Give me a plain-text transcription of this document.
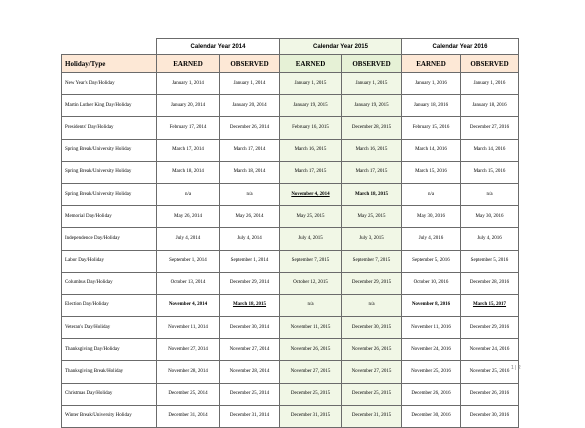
	Calendar Year 2014		Calendar Year 2015		Calendar Year 2016	
Holiday/Type	EARNED	OBSERVED	EARNED	OBSERVED	EARNED	OBSERVED
New Year's Day/Holiday	January 1, 2014	January 1, 2014	January 1, 2015	January 1, 2015	January 1, 2016	January 1, 2016
Martin Luther King Day/Holiday	January 20, 2014	January 20, 2014	January 19, 2015	January 19, 2015	January 18, 2016	January 18, 2016
Presidents' Day/Holiday	February 17, 2014	December 26, 2014	February 16, 2015	December 28, 2015	February 15, 2016	December 27, 2016
Spring Break/University Holiday	March 17, 2014	March 17, 2014	March 16, 2015	March 16, 2015	March 14, 2016	March 14, 2016
Spring Break/University Holiday	March 18, 2014	March 18, 2014	March 17, 2015	March 17, 2015	March 15, 2016	March 15, 2016
Spring Break/University Holiday	n/a	n/a	November 4, 2014	March 18, 2015	n/a	n/a
Memorial Day/Holiday	May 26, 2014	May 26, 2014	May 25, 2015	May 25, 2015	May 30, 2016	May 30, 2016
Independence Day/Holiday	July 4, 2014	July 4, 2014	July 4, 2015	July 3, 2015	July 4, 2016	July 4, 2016
Labor Day/Holiday	September 1, 2014	September 1, 2014	September 7, 2015	September 7, 2015	September 5, 2016	September 5, 2016
Columbus Day/Holiday	October 13, 2014	December 29, 2014	October 12, 2015	December 29, 2015	October 10, 2016	December 28, 2016
Election Day/Holiday	November 4, 2014	March 18, 2015	n/a	n/a	November 8, 2016	March 15, 2017
Veteran's Day/Holiday	November 11, 2014	December 30, 2014	November 11, 2015	December 30, 2015	November 11, 2016	December 29, 2016
Thanksgiving Day/Holiday	November 27, 2014	November 27, 2014	November 26, 2015	November 26, 2015	November 24, 2016	November 24, 2016
Thanksgiving Break/Holiday	November 28, 2014	November 28, 2014	November 27, 2015	November 27, 2015	November 25, 2016	November 25, 2016
Christmas Day/Holiday	December 25, 2014	December 25, 2014	December 25, 2015	December 25, 2015	December 26, 2016	December 26, 2016
Winter Break/University Holiday	December 31, 2014	December 31, 2014	December 31, 2015	December 31, 2015	December 30, 2016	December 30, 2016
1 | 2
